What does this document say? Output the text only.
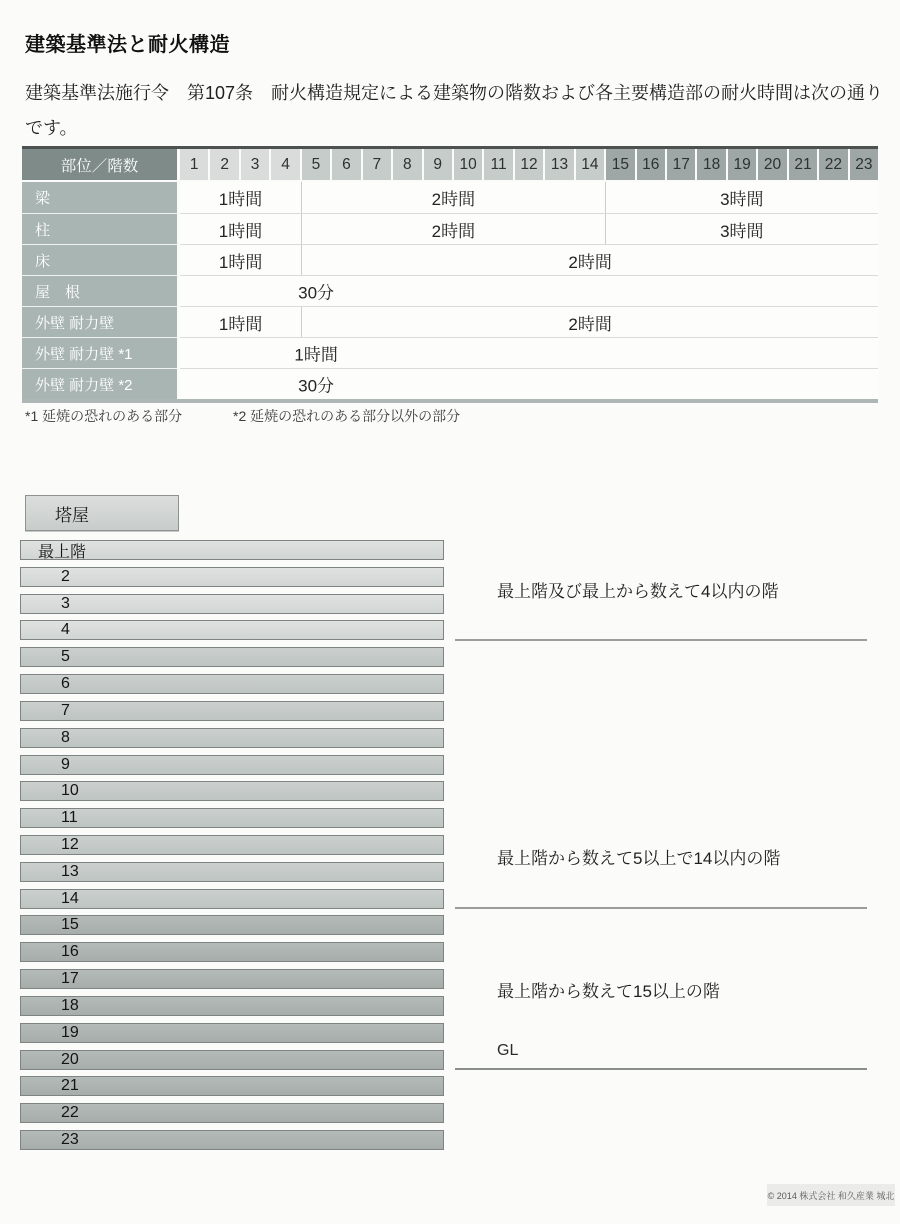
建築基準法と耐火構造
建築基準法施行令　第107条　耐火構造規定による建築物の階数および各主要構造部の耐火時間は次の通り
です。
部位／階数	1	2	3	4	5	6	7	8	9	10 11 12 13 14 15 16 17 18 19 20 21 22 23
梁	1時間	2時間	3時間
柱	1時間	2時間	3時間
床	1時間	2時間
屋　根	30分
外壁 耐力壁	1時間	2時間
外壁 耐力壁 *1	1時間
外壁 耐力壁 *2	30分
*1 延焼の恐れのある部分	*2 延焼の恐れのある部分以外の部分
塔屋
最上階
2
3
4
5
6
7
8
9
10
11
12
13
14
15
16
17
18
19
20
21
22
23
最上階及び最上から数えて4以内の階
最上階から数えて5以上で14以内の階
最上階から数えて15以上の階
GL
© 2014 株式会社 和久産業 城北
